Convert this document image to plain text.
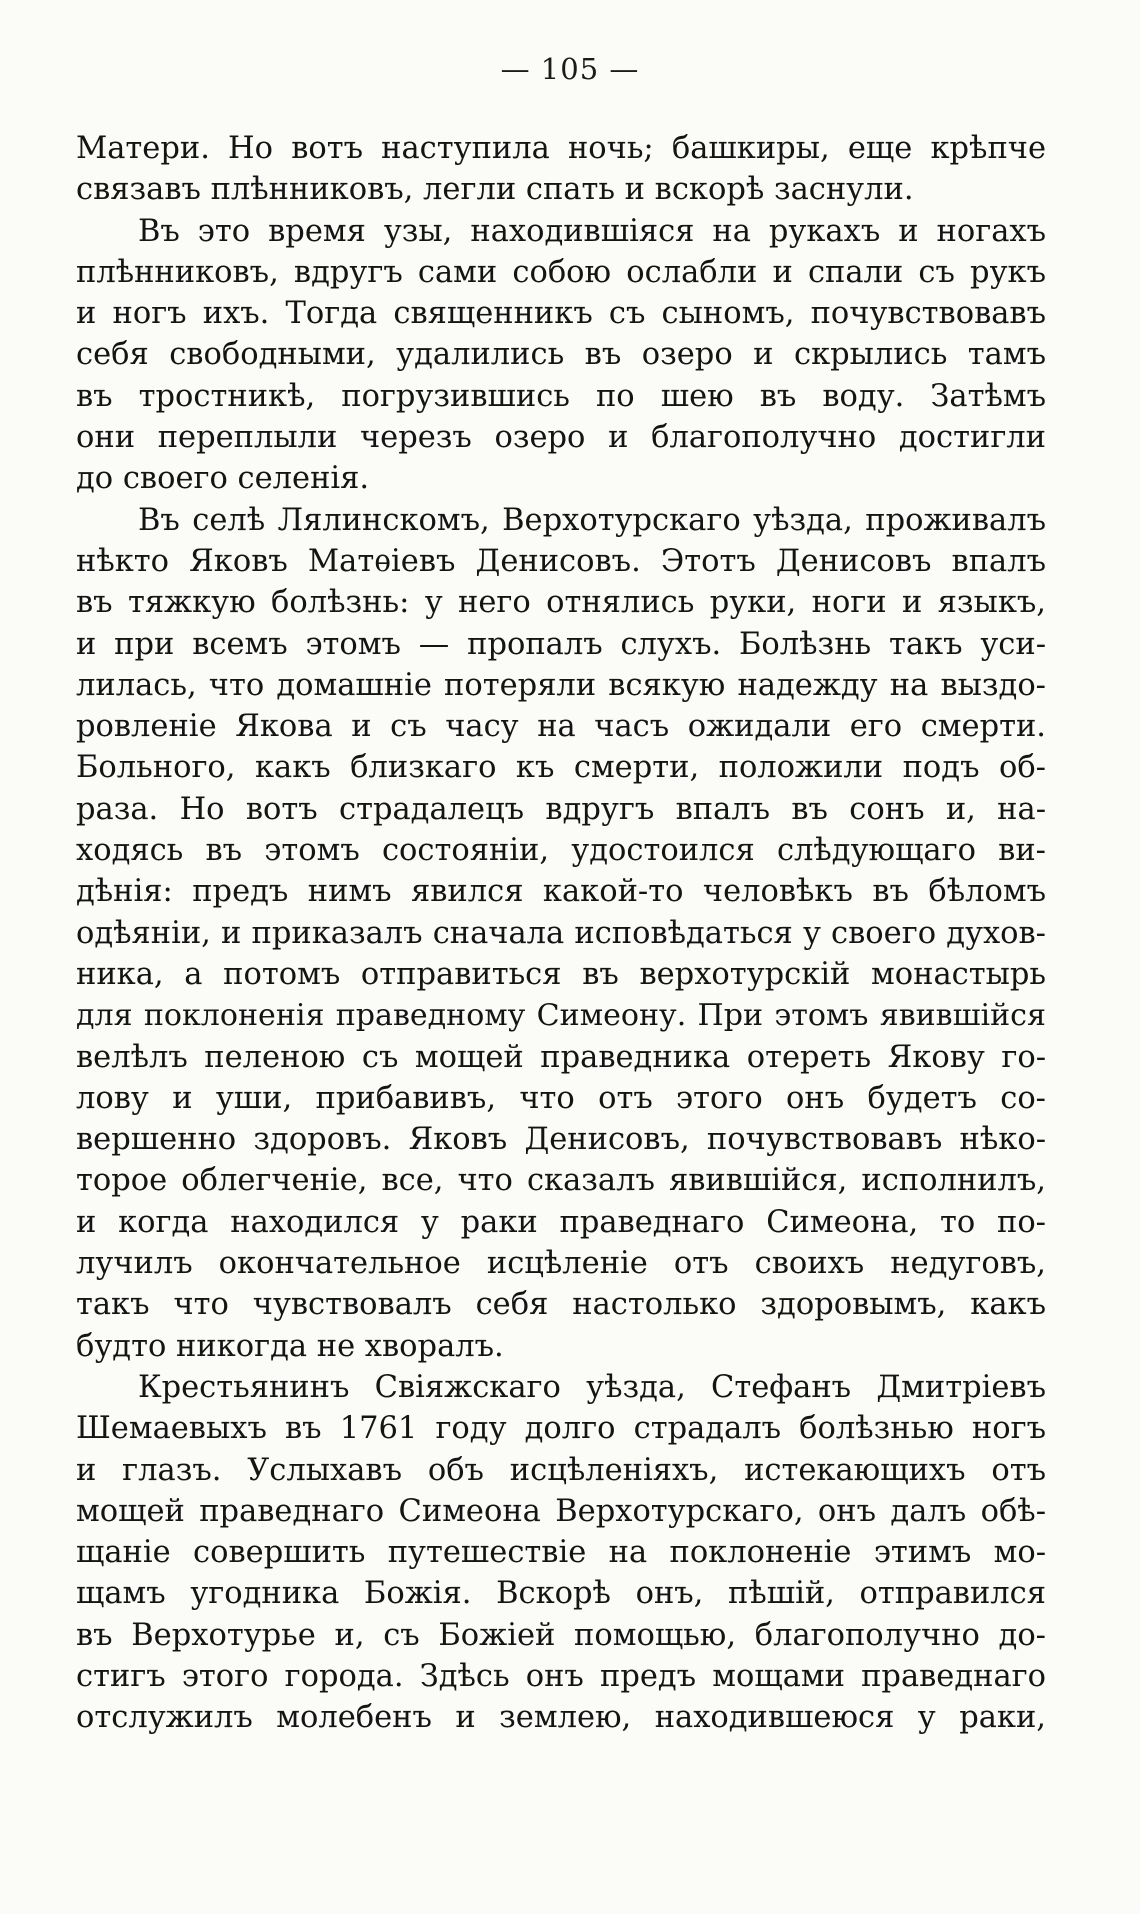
— 105 —
Матери. Но вотъ наступила ночь; башкиры, еще крѣпче
связавъ плѣнниковъ, легли спать и вскорѣ заснули.
Въ это время узы, находившіяся на рукахъ и ногахъ
плѣнниковъ, вдругъ сами собою ослабли и спали съ рукъ
и ногъ ихъ. Тогда священникъ съ сыномъ, почувствовавъ
себя свободными, удалились въ озеро и скрылись тамъ
въ тростникѣ, погрузившись по шею въ воду. Затѣмъ
они переплыли черезъ озеро и благополучно достигли
до своего селенія.
Въ селѣ Лялинскомъ, Верхотурскаго уѣзда, проживалъ
нѣкто Яковъ Матѳіевъ Денисовъ. Этотъ Денисовъ впалъ
въ тяжкую болѣзнь: у него отнялись руки, ноги и языкъ,
и при всемъ этомъ — пропалъ слухъ. Болѣзнь такъ уси-
лилась, что домашніе потеряли всякую надежду на выздо-
ровленіе Якова и съ часу на часъ ожидали его смерти.
Больного, какъ близкаго къ смерти, положили подъ об-
раза. Но вотъ страдалецъ вдругъ впалъ въ сонъ и, на-
ходясь въ этомъ состояніи, удостоился слѣдующаго ви-
дѣнія: предъ нимъ явился какой-то человѣкъ въ бѣломъ
одѣяніи, и приказалъ сначала исповѣдаться у своего духов-
ника, а потомъ отправиться въ верхотурскій монастырь
для поклоненія праведному Симеону. При этомъ явившійся
велѣлъ пеленою съ мощей праведника отереть Якову го-
лову и уши, прибавивъ, что отъ этого онъ будетъ со-
вершенно здоровъ. Яковъ Денисовъ, почувствовавъ нѣко-
торое облегченіе, все, что сказалъ явившійся, исполнилъ,
и когда находился у раки праведнаго Симеона, то по-
лучилъ окончательное исцѣленіе отъ своихъ недуговъ,
такъ что чувствовалъ себя настолько здоровымъ, какъ
будто никогда не хворалъ.
Крестьянинъ Свіяжскаго уѣзда, Стефанъ Дмитріевъ
Шемаевыхъ въ 1761 году долго страдалъ болѣзнью ногъ
и глазъ. Услыхавъ объ исцѣленіяхъ, истекающихъ отъ
мощей праведнаго Симеона Верхотурскаго, онъ далъ обѣ-
щаніе совершить путешествіе на поклоненіе этимъ мо-
щамъ угодника Божія. Вскорѣ онъ, пѣшій, отправился
въ Верхотурье и, съ Божіей помощью, благополучно до-
стигъ этого города. Здѣсь онъ предъ мощами праведнаго
отслужилъ молебенъ и землею, находившеюся у раки,
